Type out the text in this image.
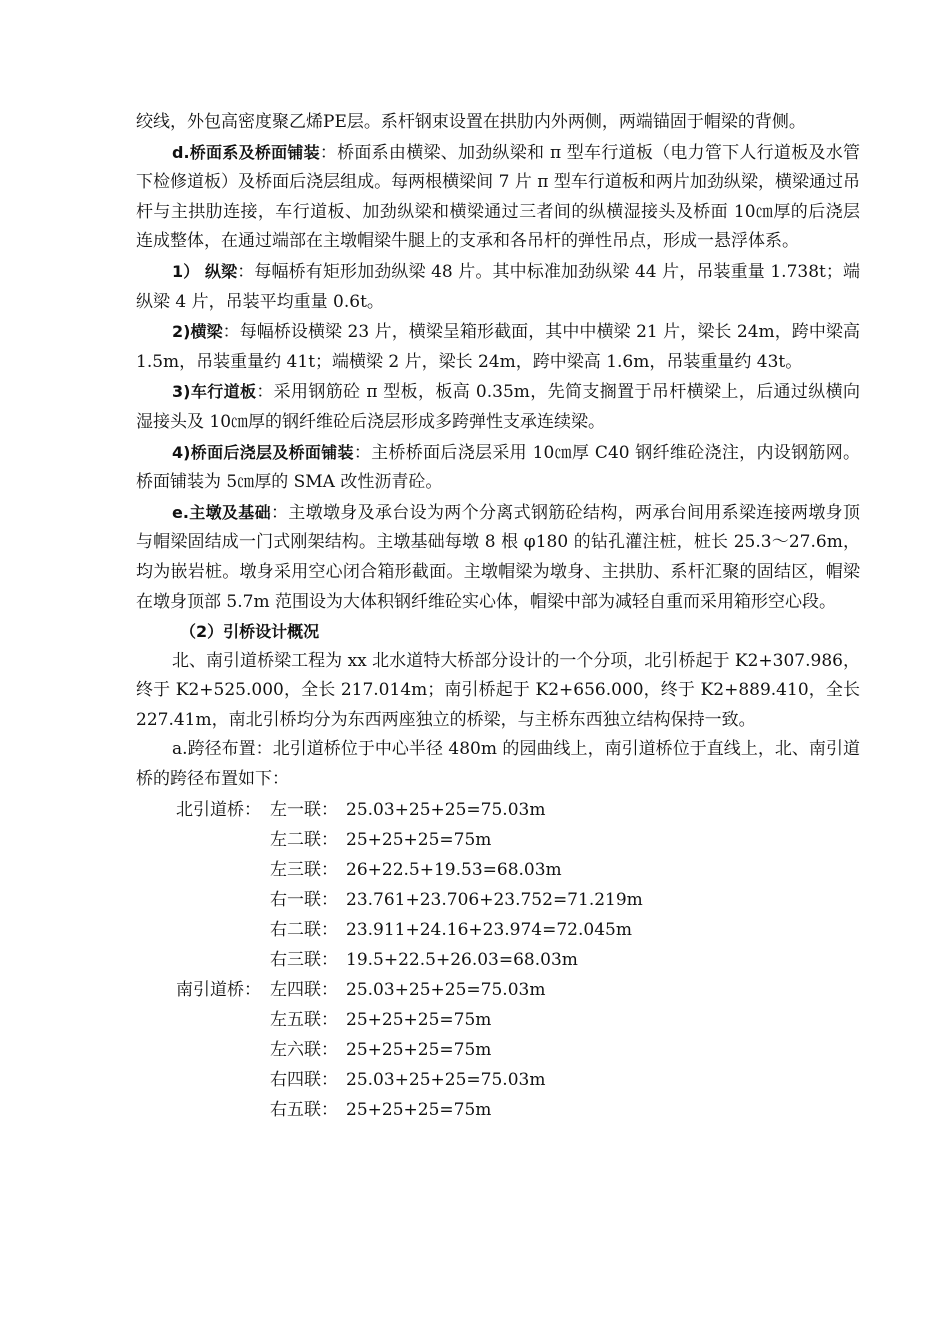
绞线，外包高密度聚乙烯PE层。系杆钢束设置在拱肋内外两侧，两端锚固于帽梁的背侧。

d.桥面系及桥面铺装：桥面系由横梁、加劲纵梁和 π 型车行道板（电力管下人行道板及水管下检修道板）及桥面后浇层组成。每两根横梁间 7 片 π 型车行道板和两片加劲纵梁，横梁通过吊杆与主拱肋连接，车行道板、加劲纵梁和横梁通过三者间的纵横湿接头及桥面 10㎝厚的后浇层连成整体，在通过端部在主墩帽梁牛腿上的支承和各吊杆的弹性吊点，形成一悬浮体系。

1） 纵梁：每幅桥有矩形加劲纵梁 48 片。其中标准加劲纵梁 44 片，吊装重量 1.738t；端纵梁 4 片，吊装平均重量 0.6t。

2)横梁：每幅桥设横梁 23 片，横梁呈箱形截面，其中中横梁 21 片，梁长 24m，跨中梁高 1.5m，吊装重量约 41t；端横梁 2 片，梁长 24m，跨中梁高 1.6m，吊装重量约 43t。

3)车行道板：采用钢筋砼 π 型板，板高 0.35m，先简支搁置于吊杆横梁上，后通过纵横向湿接头及 10㎝厚的钢纤维砼后浇层形成多跨弹性支承连续梁。

4)桥面后浇层及桥面铺装：主桥桥面后浇层采用 10㎝厚 C40 钢纤维砼浇注，内设钢筋网。桥面铺装为 5㎝厚的 SMA 改性沥青砼。

e.主墩及基础：主墩墩身及承台设为两个分离式钢筋砼结构，两承台间用系梁连接两墩身顶与帽梁固结成一门式刚架结构。主墩基础每墩 8 根 φ180 的钻孔灌注桩，桩长 25.3～27.6m，均为嵌岩桩。墩身采用空心闭合箱形截面。主墩帽梁为墩身、主拱肋、系杆汇聚的固结区，帽梁在墩身顶部 5.7m 范围设为大体积钢纤维砼实心体，帽梁中部为减轻自重而采用箱形空心段。

（2）引桥设计概况

北、南引道桥梁工程为 xx 北水道特大桥部分设计的一个分项，北引桥起于 K2+307.986，终于 K2+525.000，全长 217.014m；南引桥起于 K2+656.000，终于 K2+889.410，全长 227.41m，南北引桥均分为东西两座独立的桥梁，与主桥东西独立结构保持一致。

a.跨径布置：北引道桥位于中心半径 480m 的园曲线上，南引道桥位于直线上，北、南引道桥的跨径布置如下：

北引道桥： 左一联： 25.03+25+25=75.03m
左二联： 25+25+25=75m
左三联： 26+22.5+19.53=68.03m
右一联： 23.761+23.706+23.752=71.219m
右二联： 23.911+24.16+23.974=72.045m
右三联： 19.5+22.5+26.03=68.03m
南引道桥： 左四联： 25.03+25+25=75.03m
左五联： 25+25+25=75m
左六联： 25+25+25=75m
右四联： 25.03+25+25=75.03m
右五联： 25+25+25=75m
